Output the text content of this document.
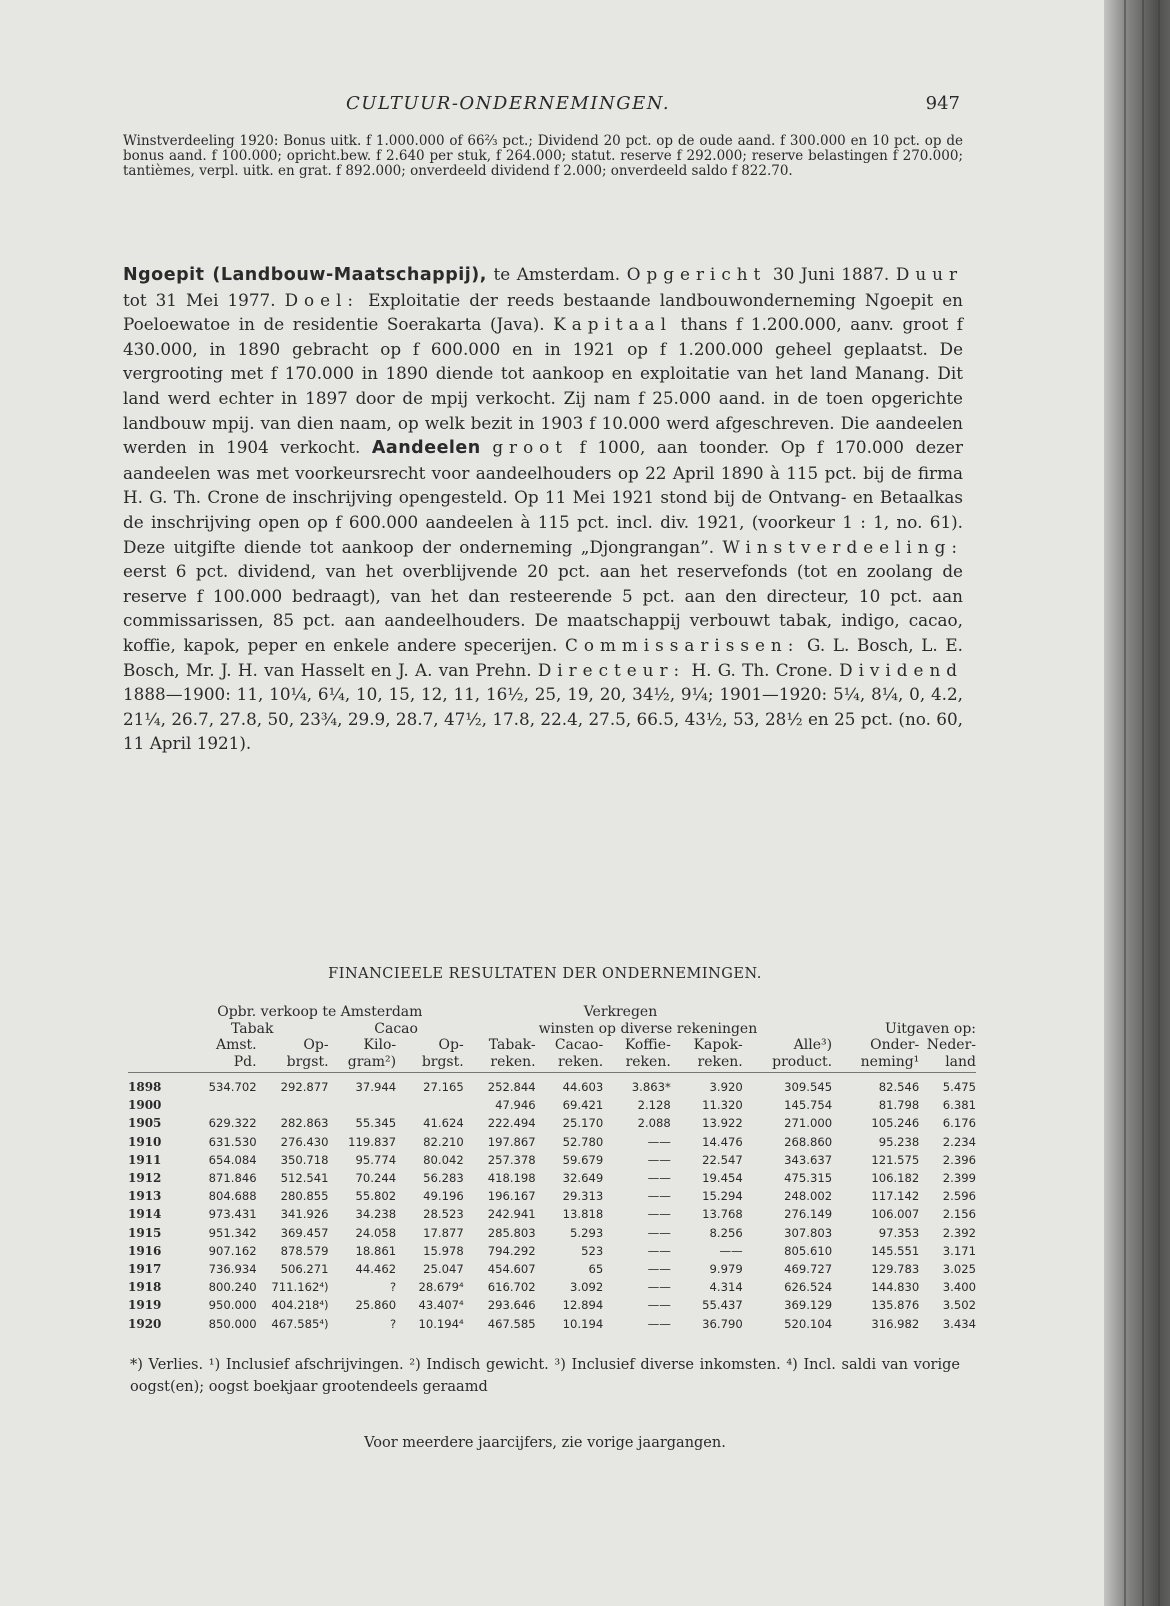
CULTUUR-ONDERNEMINGEN.	947

Winstverdeeling 1920: Bonus uitk. f 1.000.000 of 66⅔ pct.; Dividend 20 pct. op de oude aand. f 300.000 en 10 pct. op de bonus aand. f 100.000; opricht.bew. f 2.640 per stuk, f 264.000; statut. reserve f 292.000; reserve belastingen f 270.000; tantièmes, verpl. uitk. en grat. f 892.000; onverdeeld dividend f 2.000; onverdeeld saldo f 822.70.

Ngoepit (Landbouw-Maatschappij), te Amsterdam. Opgericht 30 Juni 1887. Duur tot 31 Mei 1977. Doel: Exploitatie der reeds bestaande landbouwonderneming Ngoepit en Poeloewatoe in de residentie Soerakarta (Java). Kapitaal thans f 1.200.000, aanv. groot f 430.000, in 1890 gebracht op f 600.000 en in 1921 op f 1.200.000 geheel geplaatst. De vergrooting met f 170.000 in 1890 diende tot aankoop en exploitatie van het land Manang. Dit land werd echter in 1897 door de mpij verkocht. Zij nam f 25.000 aand. in de toen opgerichte landbouw mpij. van dien naam, op welk bezit in 1903 f 10.000 werd afgeschreven. Die aandeelen werden in 1904 verkocht. Aandeelen groot f 1000, aan toonder. Op f 170.000 dezer aandeelen was met voorkeursrecht voor aandeelhouders op 22 April 1890 à 115 pct. bij de firma H. G. Th. Crone de inschrijving opengesteld. Op 11 Mei 1921 stond bij de Ontvang- en Betaalkas de inschrijving open op f 600.000 aandeelen à 115 pct. incl. div. 1921, (voorkeur 1 : 1, no. 61). Deze uitgifte diende tot aankoop der onderneming „Djongrangan”. Winstverdeeling: eerst 6 pct. dividend, van het overblijvende 20 pct. aan het reservefonds (tot en zoolang de reserve f 100.000 bedraagt), van het dan resteerende 5 pct. aan den directeur, 10 pct. aan commissarissen, 85 pct. aan aandeelhouders. De maatschappij verbouwt tabak, indigo, cacao, koffie, kapok, peper en enkele andere specerijen. Commissarissen: G. L. Bosch, L. E. Bosch, Mr. J. H. van Hasselt en J. A. van Prehn. Directeur: H. G. Th. Crone. Dividend 1888—1900: 11, 10¼, 6¼, 10, 15, 12, 11, 16½, 25, 19, 20, 34½, 9¼; 1901—1920: 5¼, 8¼, 0, 4.2, 21¼, 26.7, 27.8, 50, 23¾, 29.9, 28.7, 47½, 17.8, 22.4, 27.5, 66.5, 43½, 53, 28½ en 25 pct. (no. 60, 11 April 1921).

FINANCIEELE RESULTATEN DER ONDERNEMINGEN.
	Opbr. verkoop te Amsterdam				Verkregen						
	Tabak		Cacao		winsten op diverse rekeningen					Uitgaven op:	
	Amst.	Op-	Kilo-	Op-	Tabak-	Cacao-	Koffie-	Kapok-	Alle³)	Onder-	Neder-
	Pd.	brgst.	gram²)	brgst.	reken.	reken.	reken.	reken.	product.	neming¹	land
1898	534.702	292.877	37.944	27.165	252.844	44.603	3.863*	3.920	309.545	82.546	5.475
1900					47.946	69.421	2.128	11.320	145.754	81.798	6.381
1905	629.322	282.863	55.345	41.624	222.494	25.170	2.088	13.922	271.000	105.246	6.176
1910	631.530	276.430	119.837	82.210	197.867	52.780	——	14.476	268.860	95.238	2.234
1911	654.084	350.718	95.774	80.042	257.378	59.679	——	22.547	343.637	121.575	2.396
1912	871.846	512.541	70.244	56.283	418.198	32.649	——	19.454	475.315	106.182	2.399
1913	804.688	280.855	55.802	49.196	196.167	29.313	——	15.294	248.002	117.142	2.596
1914	973.431	341.926	34.238	28.523	242.941	13.818	——	13.768	276.149	106.007	2.156
1915	951.342	369.457	24.058	17.877	285.803	5.293	——	8.256	307.803	97.353	2.392
1916	907.162	878.579	18.861	15.978	794.292	523	——	——	805.610	145.551	3.171
1917	736.934	506.271	44.462	25.047	454.607	65	——	9.979	469.727	129.783	3.025
1918	800.240	711.162⁴)	?	28.679⁴	616.702	3.092	——	4.314	626.524	144.830	3.400
1919	950.000	404.218⁴)	25.860	43.407⁴	293.646	12.894	——	55.437	369.129	135.876	3.502
1920	850.000	467.585⁴)	?	10.194⁴	467.585	10.194	——	36.790	520.104	316.982	3.434

*) Verlies. ¹) Inclusief afschrijvingen. ²) Indisch gewicht. ³) Inclusief diverse inkomsten. ⁴) Incl. saldi van vorige oogst(en); oogst boekjaar grootendeels geraamd

Voor meerdere jaarcijfers, zie vorige jaargangen.
